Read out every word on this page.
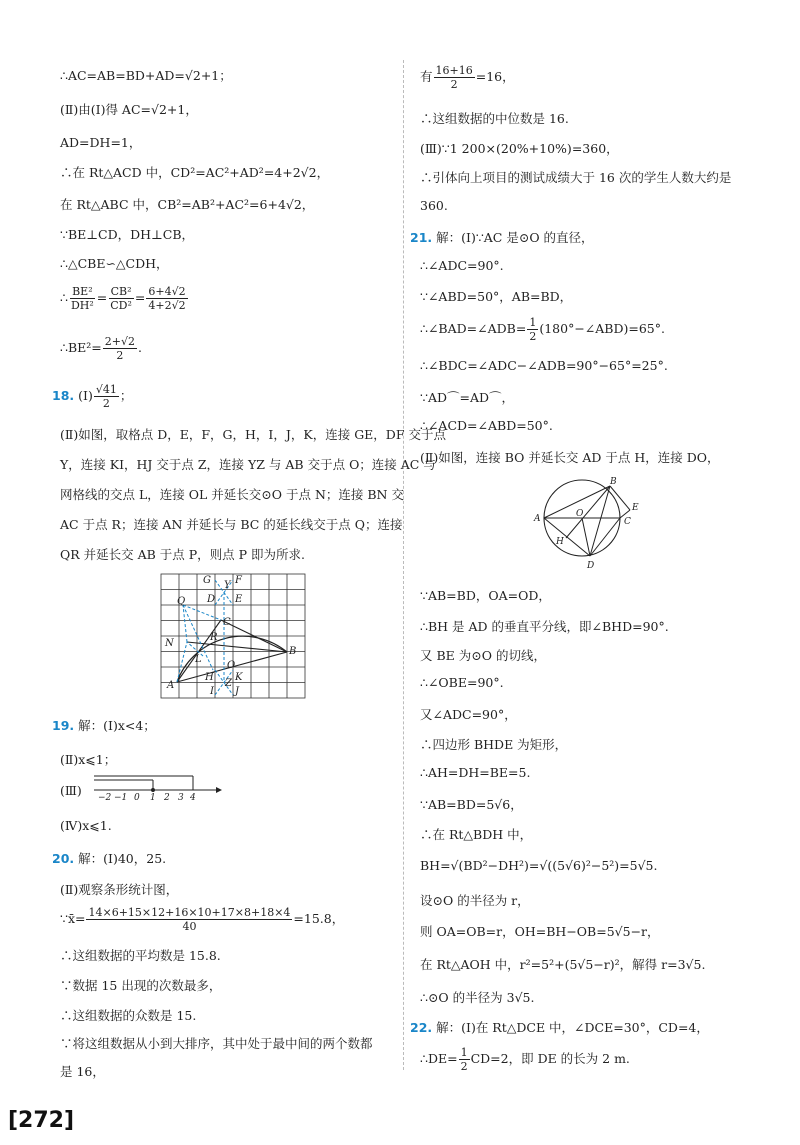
∴AC=AB=BD+AD=√2+1；
(Ⅱ)由(Ⅰ)得 AC=√2+1，
AD=DH=1，
∴在 Rt△ACD 中，CD²=AC²+AD²=4+2√2，
在 Rt△ABC 中，CB²=AB²+AC²=6+4√2，
∵BE⊥CD，DH⊥CB，
∴△CBE∽△CDH，
∴ $\frac{\text{BE²}}{\text{DH²}} = \frac{\text{CB²}}{\text{CD²}} = \frac{6+4√2}{4+2√2}$
∴BE²= $\frac{2+√2}{2}$ .
18. (Ⅰ) $\frac{√41}{2}$ ；
(Ⅱ)如图，取格点 D，E，F，G，H，I，J，K，连接 GE，DF 交于点
Y，连接 KI，HJ 交于点 Z，连接 YZ 与 AB 交于点 O；连接 AC 与
网格线的交点 L，连接 OL 并延长交⊙O 于点 N；连接 BN 交
AC 于点 R；连接 AN 并延长与 BC 的延长线交于点 Q；连接
QR 并延长交 AB 于点 P，则点 P 即为所求.
G Y F
D E
Q
C
N
R
L
O
B
A
H
Z
K
I J
19. 解：(Ⅰ)x<4；
(Ⅱ)x⩽1；
(Ⅲ) −2 −1 0 1 2 3 4
(Ⅳ)x⩽1.
20. 解：(Ⅰ)40，25.
(Ⅱ)观察条形统计图，
∵x̄= $\frac{14\times 6+15\times 12+16\times 10+17\times 8+18\times 4}{40} =15.8$，
∴这组数据的平均数是 15.8.
∵数据 15 出现的次数最多，
∴这组数据的众数是 15.
∵将这组数据从小到大排序，其中处于最中间的两个数都
是 16，
有 $\frac{16+16}{2} =16$，
∴这组数据的中位数是 16.
(Ⅲ)∵1 200×(20%+10%)=360，
∴引体向上项目的测试成绩大于 16 次的学生人数大约是
360.
21. 解：(Ⅰ)∵AC 是⊙O 的直径，
∴∠ADC=90°.
∵∠ABD=50°，AB=BD，
∴∠BAD=∠ADB= $\frac{1}{2}$ (180°−∠ABD)=65°.
∴∠BDC=∠ADC−∠ADB=90°−65°=25°.
∵AD⌒=AD⌒，
∴∠ACD=∠ABD=50°.
(Ⅱ)如图，连接 BO 并延长交 AD 于点 H，连接 DO，
B
E
A	O
C
H
D
∵AB=BD，OA=OD，
∴BH 是 AD 的垂直平分线，即∠BHD=90°.
又 BE 为⊙O 的切线，
∴∠OBE=90°.
又∠ADC=90°，
∴四边形 BHDE 为矩形，
∴AH=DH=BE=5.
∵AB=BD=5√6，
∴在 Rt△BDH 中，
BH=√(BD²−DH²)=√((5√6)²−5²)=5√5.
设⊙O 的半径为 r，
则 OA=OB=r，OH=BH−OB=5√5−r，
在 Rt△AOH 中，r²=5²+(5√5−r)²，解得 r=3√5.
∴⊙O 的半径为 3√5.
22. 解：(Ⅰ)在 Rt△DCE 中，∠DCE=30°，CD=4，
∴DE= $\frac{1}{2} CD=2$，即 DE 的长为 2 m.
[272]
